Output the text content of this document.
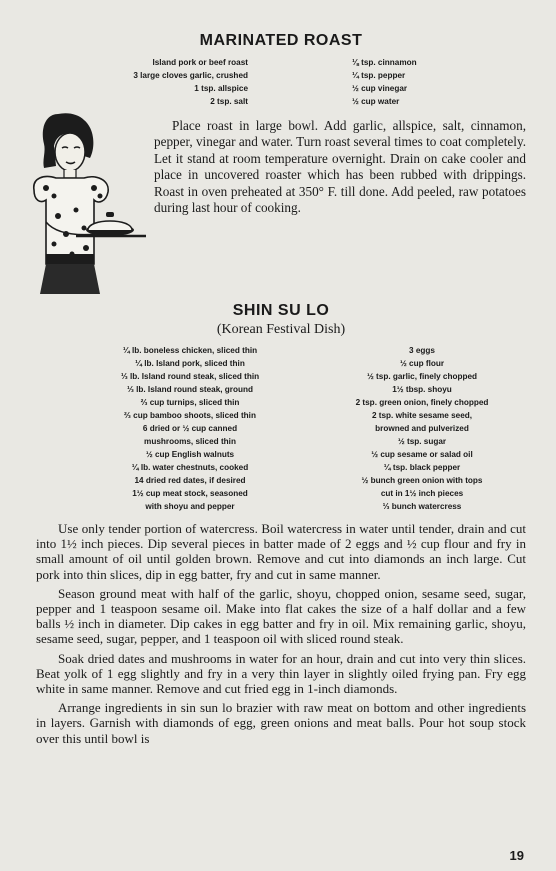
MARINATED ROAST
Island pork or beef roast
3 large cloves garlic, crushed
1 tsp. allspice
2 tsp. salt
⅛ tsp. cinnamon
¼ tsp. pepper
½ cup vinegar
½ cup water

Place roast in large bowl. Add garlic, allspice, salt, cinnamon, pepper, vinegar and water. Turn roast several times to coat completely. Let it stand at room temperature overnight. Drain on cake cooler and place in uncovered roaster which has been rubbed with drippings. Roast in oven preheated at 350° F. till done. Add peeled, raw potatoes during last hour of cooking.

SHIN SU LO
(Korean Festival Dish)
¼ lb. boneless chicken, sliced thin
¼ lb. Island pork, sliced thin
⅓ lb. Island round steak, sliced thin
⅓ lb. Island round steak, ground
⅔ cup turnips, sliced thin
⅔ cup bamboo shoots, sliced thin
6 dried or ½ cup canned
mushrooms, sliced thin
½ cup English walnuts
¼ lb. water chestnuts, cooked
14 dried red dates, if desired
1½ cup meat stock, seasoned
with shoyu and pepper
3 eggs
½ cup flour
½ tsp. garlic, finely chopped
1½ tbsp. shoyu
2 tsp. green onion, finely chopped
2 tsp. white sesame seed,
browned and pulverized
½ tsp. sugar
½ cup sesame or salad oil
¼ tsp. black pepper
½ bunch green onion with tops
cut in 1½ inch pieces
⅓ bunch watercress

Use only tender portion of watercress. Boil watercress in water until tender, drain and cut into 1½ inch pieces. Dip several pieces in batter made of 2 eggs and ½ cup flour and fry in small amount of oil until golden brown. Remove and cut into diamonds an inch large. Cut pork into thin slices, dip in egg batter, fry and cut in same manner.

Season ground meat with half of the garlic, shoyu, chopped onion, sesame seed, sugar, pepper and 1 teaspoon sesame oil. Make into flat cakes the size of a half dollar and a few balls ½ inch in diameter. Dip cakes in egg batter and fry in oil. Mix remaining garlic, shoyu, sesame seed, sugar, pepper, and 1 teaspoon oil with sliced round steak.

Soak dried dates and mushrooms in water for an hour, drain and cut into very thin slices. Beat yolk of 1 egg slightly and fry in a very thin layer in slightly oiled frying pan. Fry egg white in same manner. Remove and cut fried egg in 1-inch diamonds.

Arrange ingredients in sin sun lo brazier with raw meat on bottom and other ingredients in layers. Garnish with diamonds of egg, green onions and meat balls. Pour hot soup stock over this until bowl is

19
